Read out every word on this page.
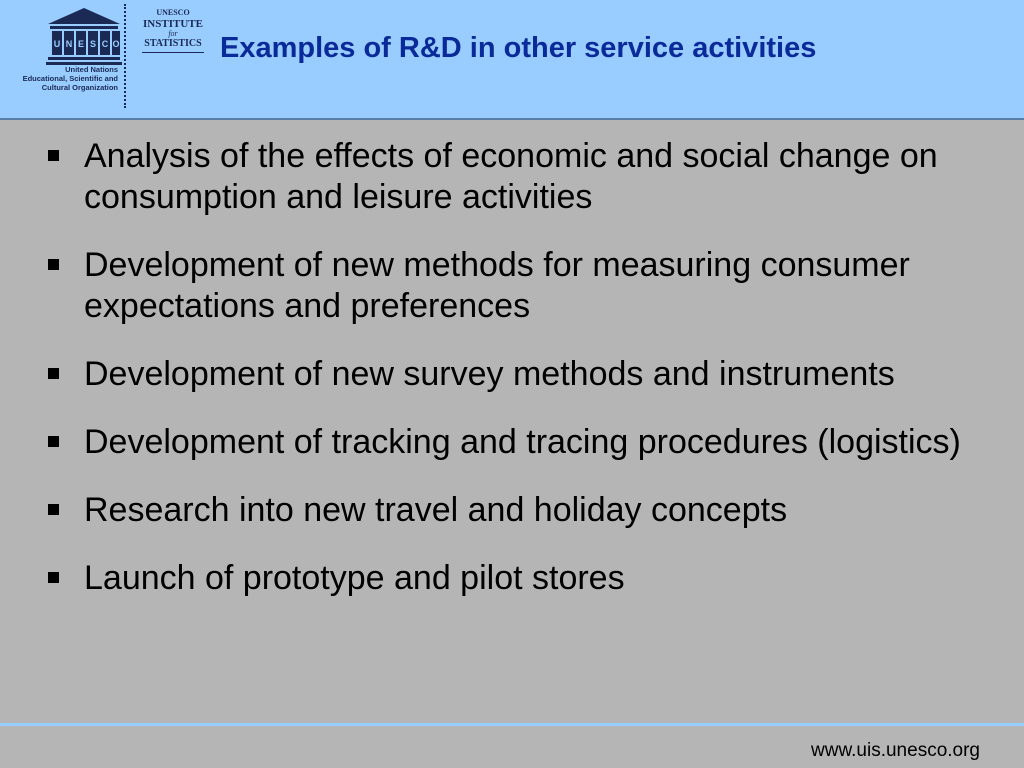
U N E S C O
United Nations
Educational, Scientific and
Cultural Organization
UNESCO
INSTITUTE
for
STATISTICS Examples of R&D in other service activities
Analysis of the effects of economic and social change on consumption and leisure activities
Development of new methods for measuring consumer expectations and preferences
Development of new survey methods and instruments
Development of tracking and tracing procedures (logistics)
Research into new travel and holiday concepts
Launch of prototype and pilot stores
www.uis.unesco.org
